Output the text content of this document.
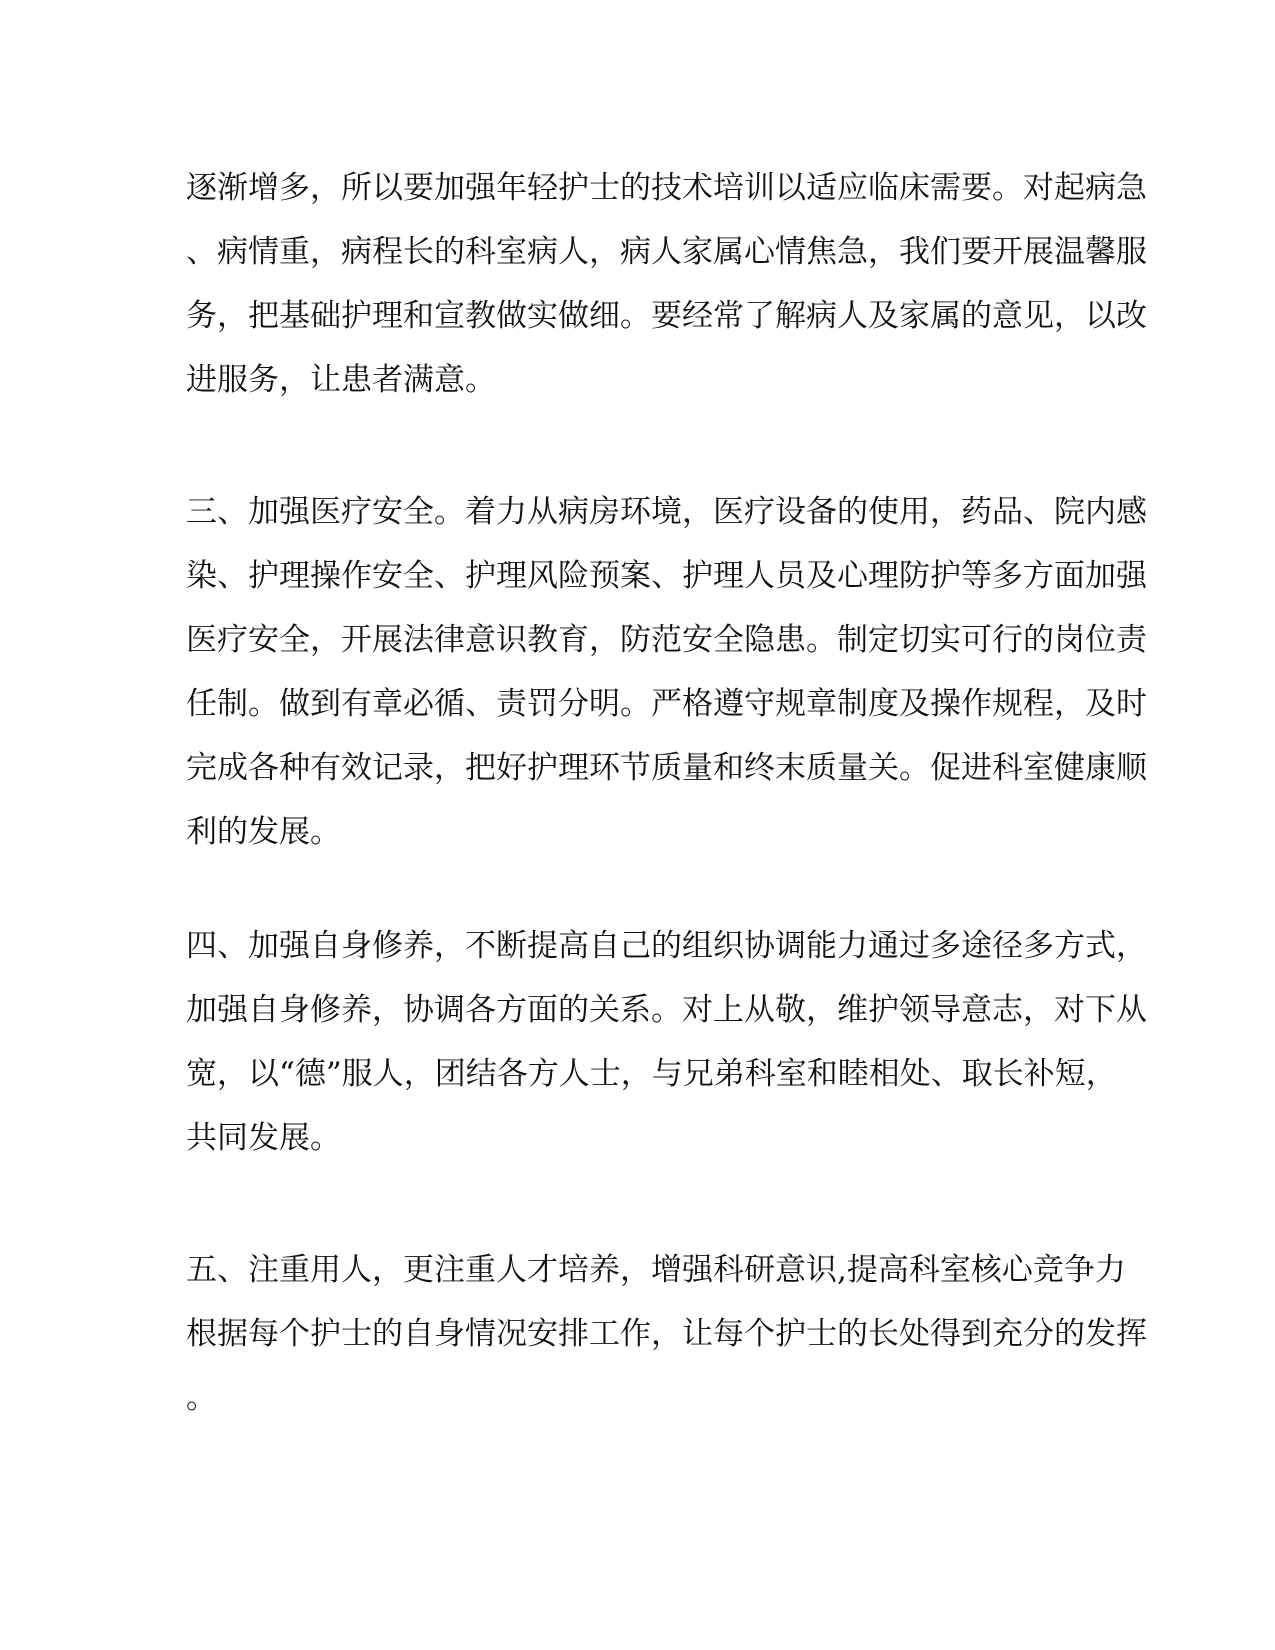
逐渐增多，所以要加强年轻护士的技术培训以适应临床需要。对起病急
、病情重，病程长的科室病人，病人家属心情焦急，我们要开展温馨服
务，把基础护理和宣教做实做细。要经常了解病人及家属的意见，以改
进服务，让患者满意。
三、加强医疗安全。着力从病房环境，医疗设备的使用，药品、院内感
染、护理操作安全、护理风险预案、护理人员及心理防护等多方面加强
医疗安全，开展法律意识教育，防范安全隐患。制定切实可行的岗位责
任制。做到有章必循、责罚分明。严格遵守规章制度及操作规程，及时
完成各种有效记录，把好护理环节质量和终末质量关。促进科室健康顺
利的发展。
四、加强自身修养，不断提高自己的组织协调能力通过多途径多方式，
加强自身修养，协调各方面的关系。对上从敬，维护领导意志，对下从
宽，以“德”服人，团结各方人士，与兄弟科室和睦相处、取长补短，
共同发展。
五、注重用人，更注重人才培养，增强科研意识,提高科室核心竞争力
根据每个护士的自身情况安排工作，让每个护士的长处得到充分的发挥
。
